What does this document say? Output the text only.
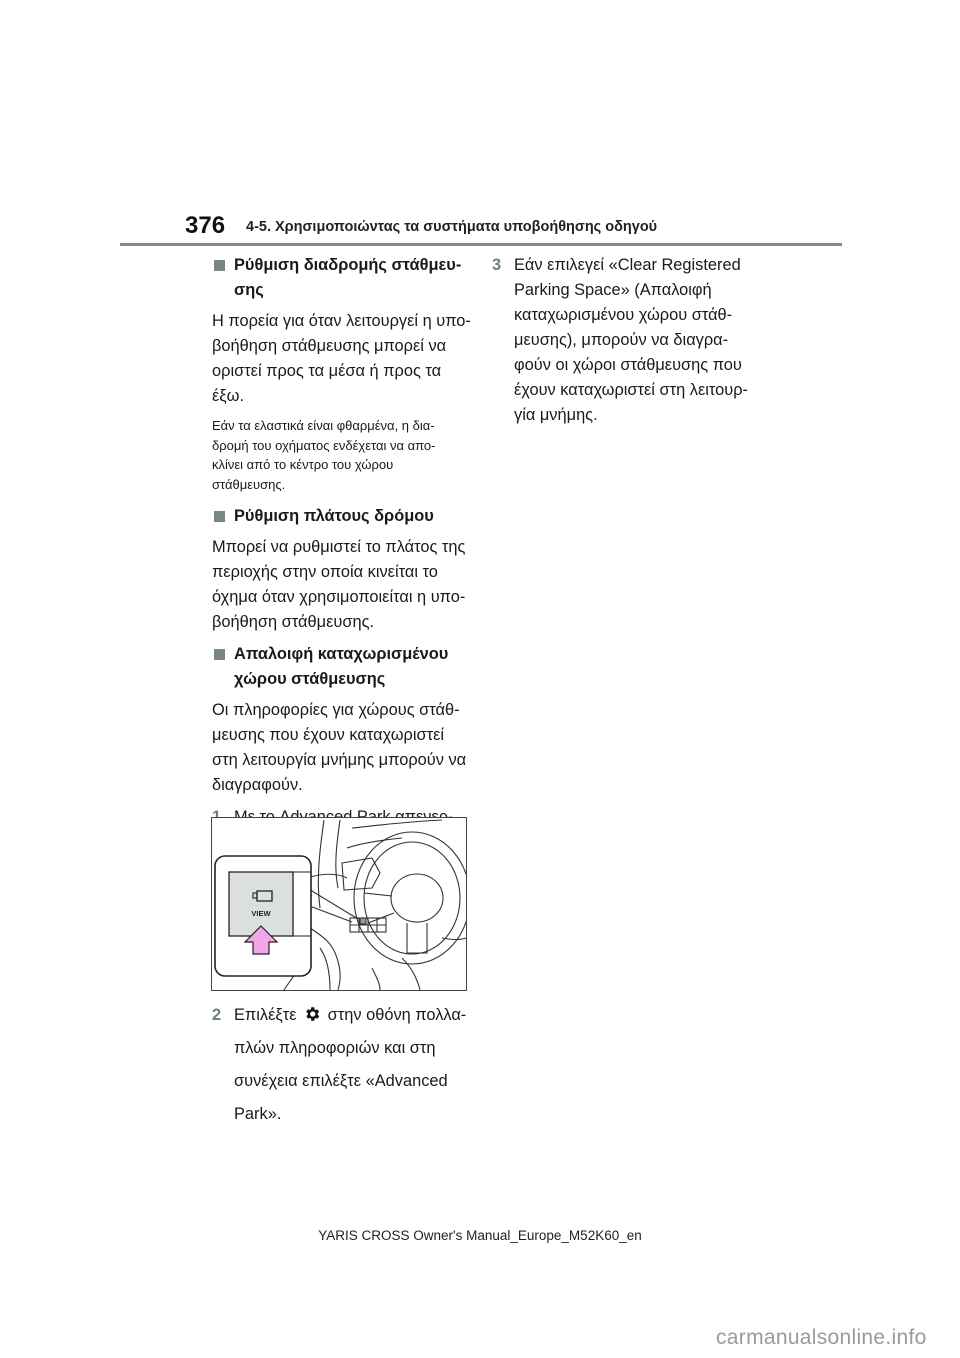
376 4-5. Χρησιμοποιώντας τα συστήματα υποβοήθησης οδηγού
Ρύθμιση διαδρομής στάθμευ-
σης

Η πορεία για όταν λειτουργεί η υπο-
βοήθηση στάθμευσης μπορεί να
οριστεί προς τα μέσα ή προς τα
έξω.

Εάν τα ελαστικά είναι φθαρμένα, η δια-
δρομή του οχήματος ενδέχεται να απο-
κλίνει από το κέντρο του χώρου
στάθμευσης.

Ρύθμιση πλάτους δρόμου

Μπορεί να ρυθμιστεί το πλάτος της
περιοχής στην οποία κινείται το
όχημα όταν χρησιμοποιείται η υπο-
βοήθηση στάθμευσης.

Απαλοιφή καταχωρισμένου
χώρου στάθμευσης

Οι πληροφορίες για χώρους στάθ-
μευσης που έχουν καταχωριστεί
στη λειτουργία μνήμης μπορούν να
διαγραφούν.

VIEW
2 Επιλέξτε στην οθόνη πολλα-
πλών πληροφοριών και στη
συνέχεια επιλέξτε «Advanced
Park».
3 Εάν επιλεγεί «Clear Registered
Parking Space» (Απαλοιφή
καταχωρισμένου χώρου στάθ-
μευσης), μπορούν να διαγρα-
φούν οι χώροι στάθμευσης που
έχουν καταχωριστεί στη λειτουρ-
γία μνήμης.
YARIS CROSS Owner's Manual_Europe_M52K60_en
carmanualsonline.info
